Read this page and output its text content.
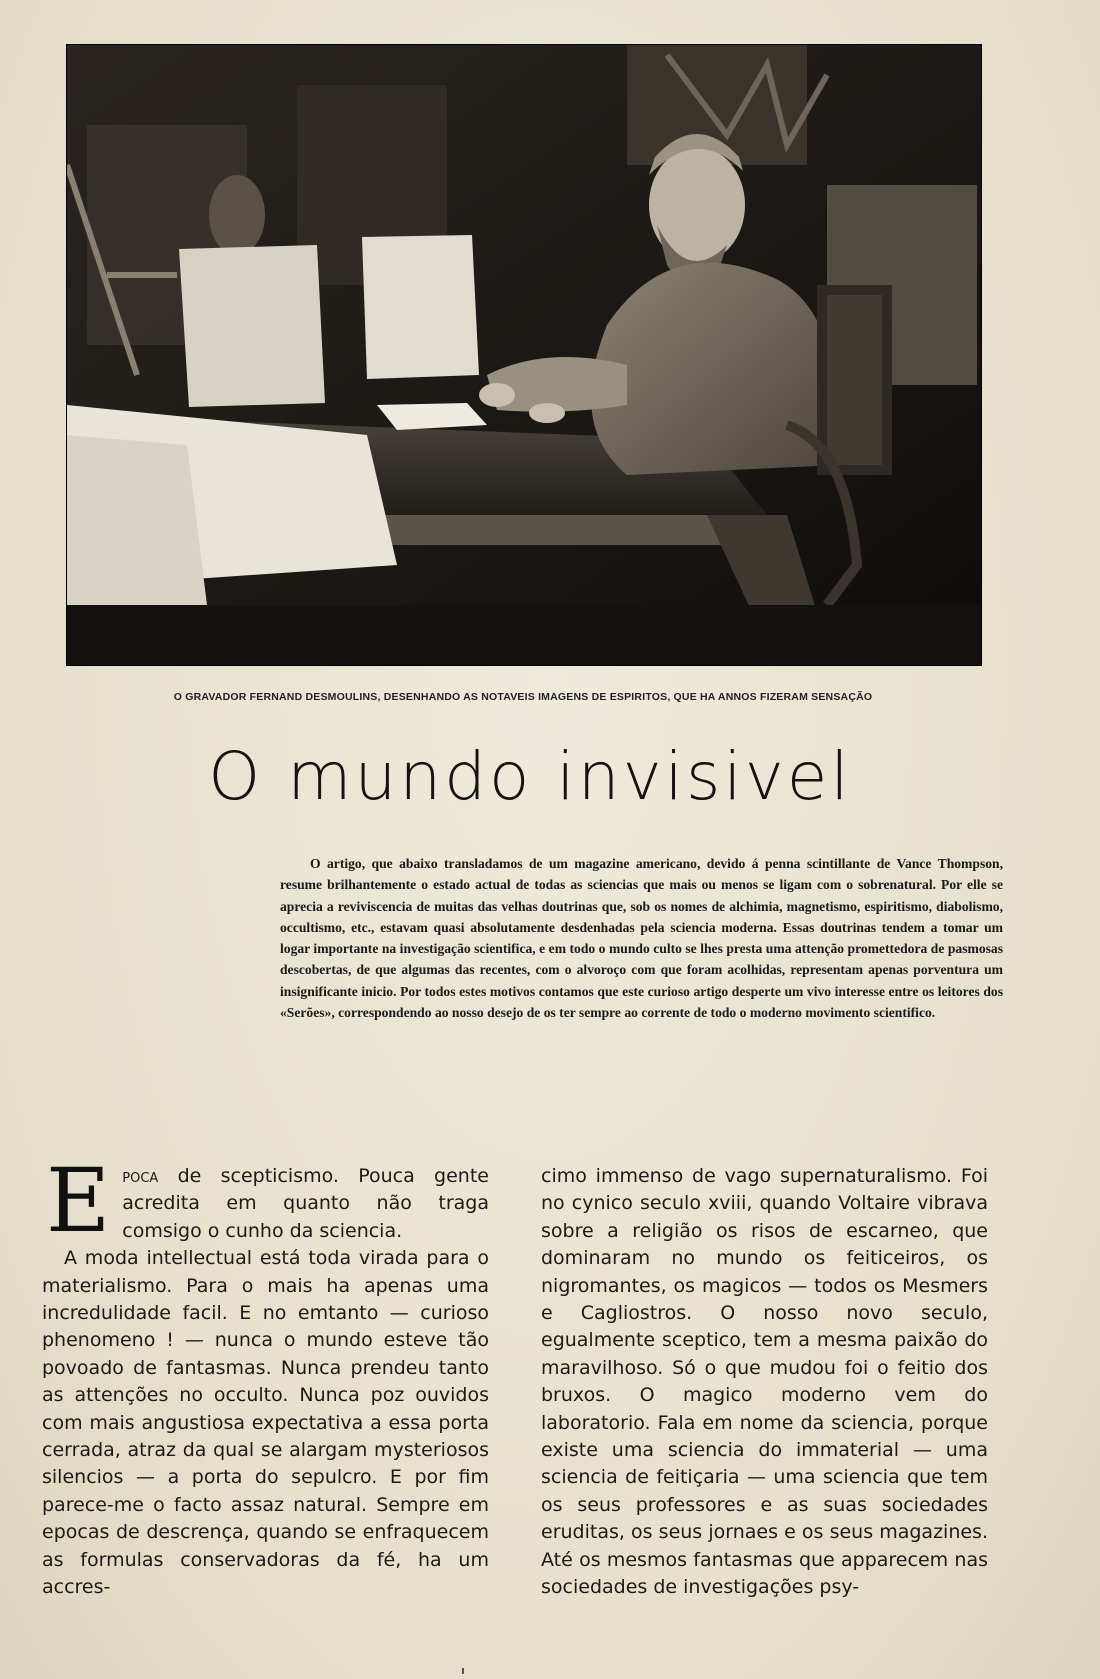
O GRAVADOR FERNAND DESMOULINS, DESENHANDO AS NOTAVEIS IMAGENS DE ESPIRITOS, QUE HA ANNOS FIZERAM SENSAÇÃO
O mundo invisivel
O artigo, que abaixo transladamos de um magazine americano, devido á penna scintillante de Vance Thompson, resume brilhantemente o estado actual de todas as sciencias que mais ou menos se ligam com o sobrenatural. Por elle se aprecia a reviviscencia de muitas das velhas doutrinas que, sob os nomes de alchimia, magnetismo, espiritismo, diabolismo, occultismo, etc., estavam quasi absolutamente desdenhadas pela sciencia moderna. Essas doutrinas tendem a tomar um logar importante na investigação scientifica, e em todo o mundo culto se lhes presta uma attenção promettedora de pasmosas descobertas, de que algumas das recentes, com o alvoroço com que foram acolhidas, representam apenas porventura um insignificante inicio. Por todos estes motivos contamos que este curioso artigo desperte um vivo interesse entre os leitores dos «Serões», correspondendo ao nosso desejo de os ter sempre ao corrente de todo o moderno movimento scientifico.

Epoca de scepticismo. Pouca gente acredita em quanto não traga comsigo o cunho da sciencia.

A moda intellectual está toda virada para o materialismo. Para o mais ha apenas uma incredulidade facil. E no emtanto — curioso phenomeno ! — nunca o mundo esteve tão povoado de fantasmas. Nunca prendeu tanto as attenções no occulto. Nunca poz ouvidos com mais angustiosa expectativa a essa porta cerrada, atraz da qual se alargam mysteriosos silencios — a porta do sepulcro. E por fim parece-me o facto assaz natural. Sempre em epocas de descrença, quando se enfraquecem as formulas conservadoras da fé, ha um accres-

cimo immenso de vago supernaturalismo. Foi no cynico seculo xviii, quando Voltaire vibrava sobre a religião os risos de escarneo, que dominaram no mundo os feiticeiros, os nigromantes, os magicos — todos os Mesmers e Cagliostros. O nosso novo seculo, egualmente sceptico, tem a mesma paixão do maravilhoso. Só o que mudou foi o feitio dos bruxos. O magico moderno vem do laboratorio. Fala em nome da sciencia, porque existe uma sciencia do immaterial — uma sciencia de feitiçaria — uma sciencia que tem os seus professores e as suas sociedades eruditas, os seus jornaes e os seus magazines. Até os mesmos fantasmas que apparecem nas sociedades de investigações psy-
